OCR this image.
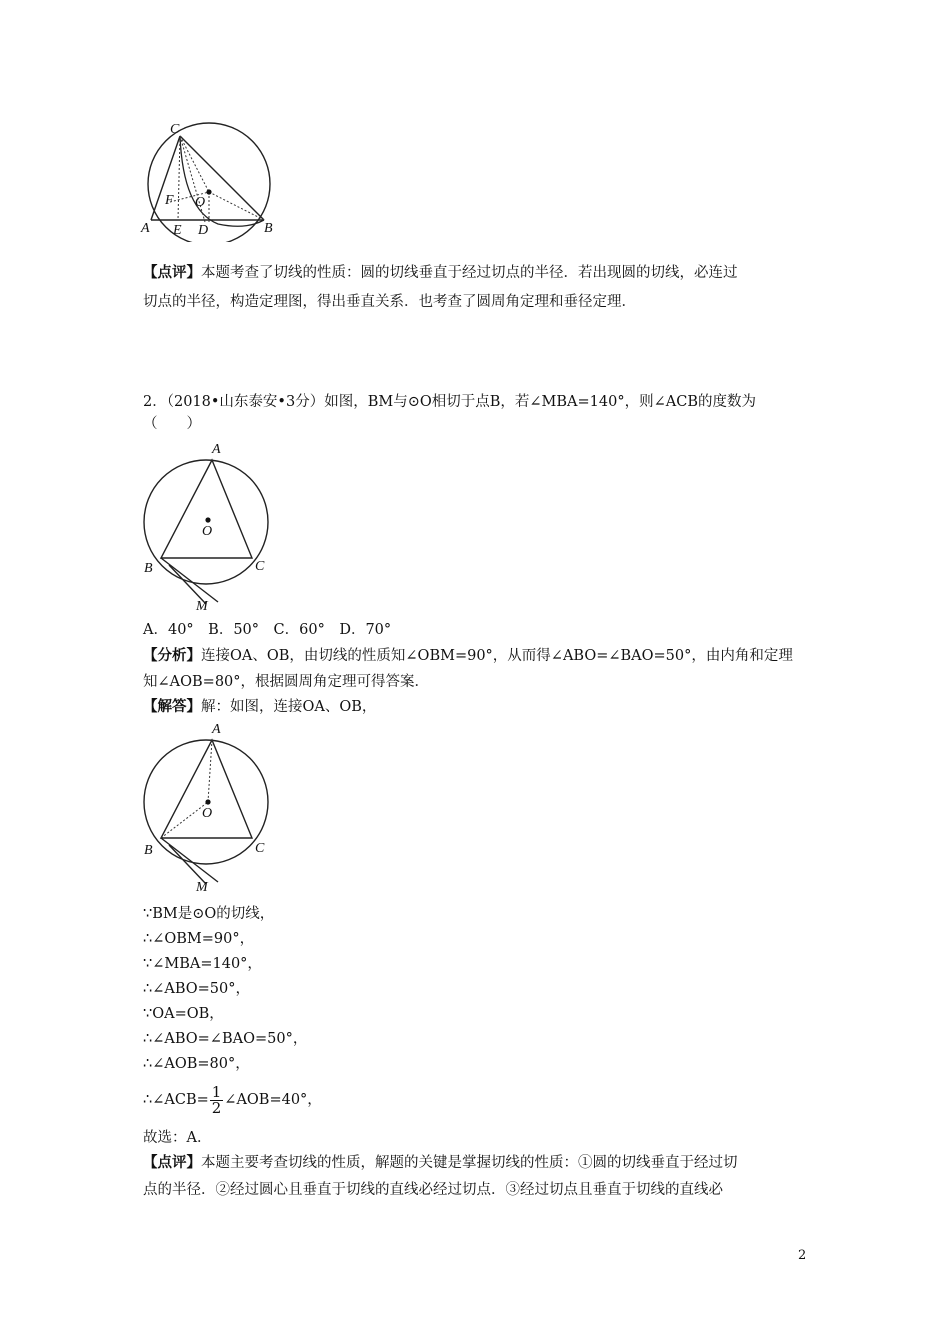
C
A	B
E D
F O
【点评】本题考查了切线的性质：圆的切线垂直于经过切点的半径．若出现圆的切线，必连过
切点的半径，构造定理图，得出垂直关系．也考查了圆周角定理和垂径定理．
2．（2018•山东泰安•3分）如图，BM与⊙O相切于点B，若∠MBA=140°，则∠ACB的度数为
（　　）
A
O
B	C
M
A．40°　B．50°　C．60°　D．70°
【分析】连接OA、OB，由切线的性质知∠OBM=90°，从而得∠ABO=∠BAO=50°，由内角和定理
知∠AOB=80°，根据圆周角定理可得答案．
【解答】解：如图，连接OA、OB，
A
O
B	C
M
∵BM是⊙O的切线，
∴∠OBM=90°，
∵∠MBA=140°，
∴∠ABO=50°，
∵OA=OB，
∴∠ABO=∠BAO=50°，
∴∠AOB=80°，
∴∠ACB= $\frac{1}{2}$ ∠AOB=40°，
故选：A．
【点评】本题主要考查切线的性质，解题的关键是掌握切线的性质：①圆的切线垂直于经过切
点的半径．②经过圆心且垂直于切线的直线必经过切点．③经过切点且垂直于切线的直线必
2
